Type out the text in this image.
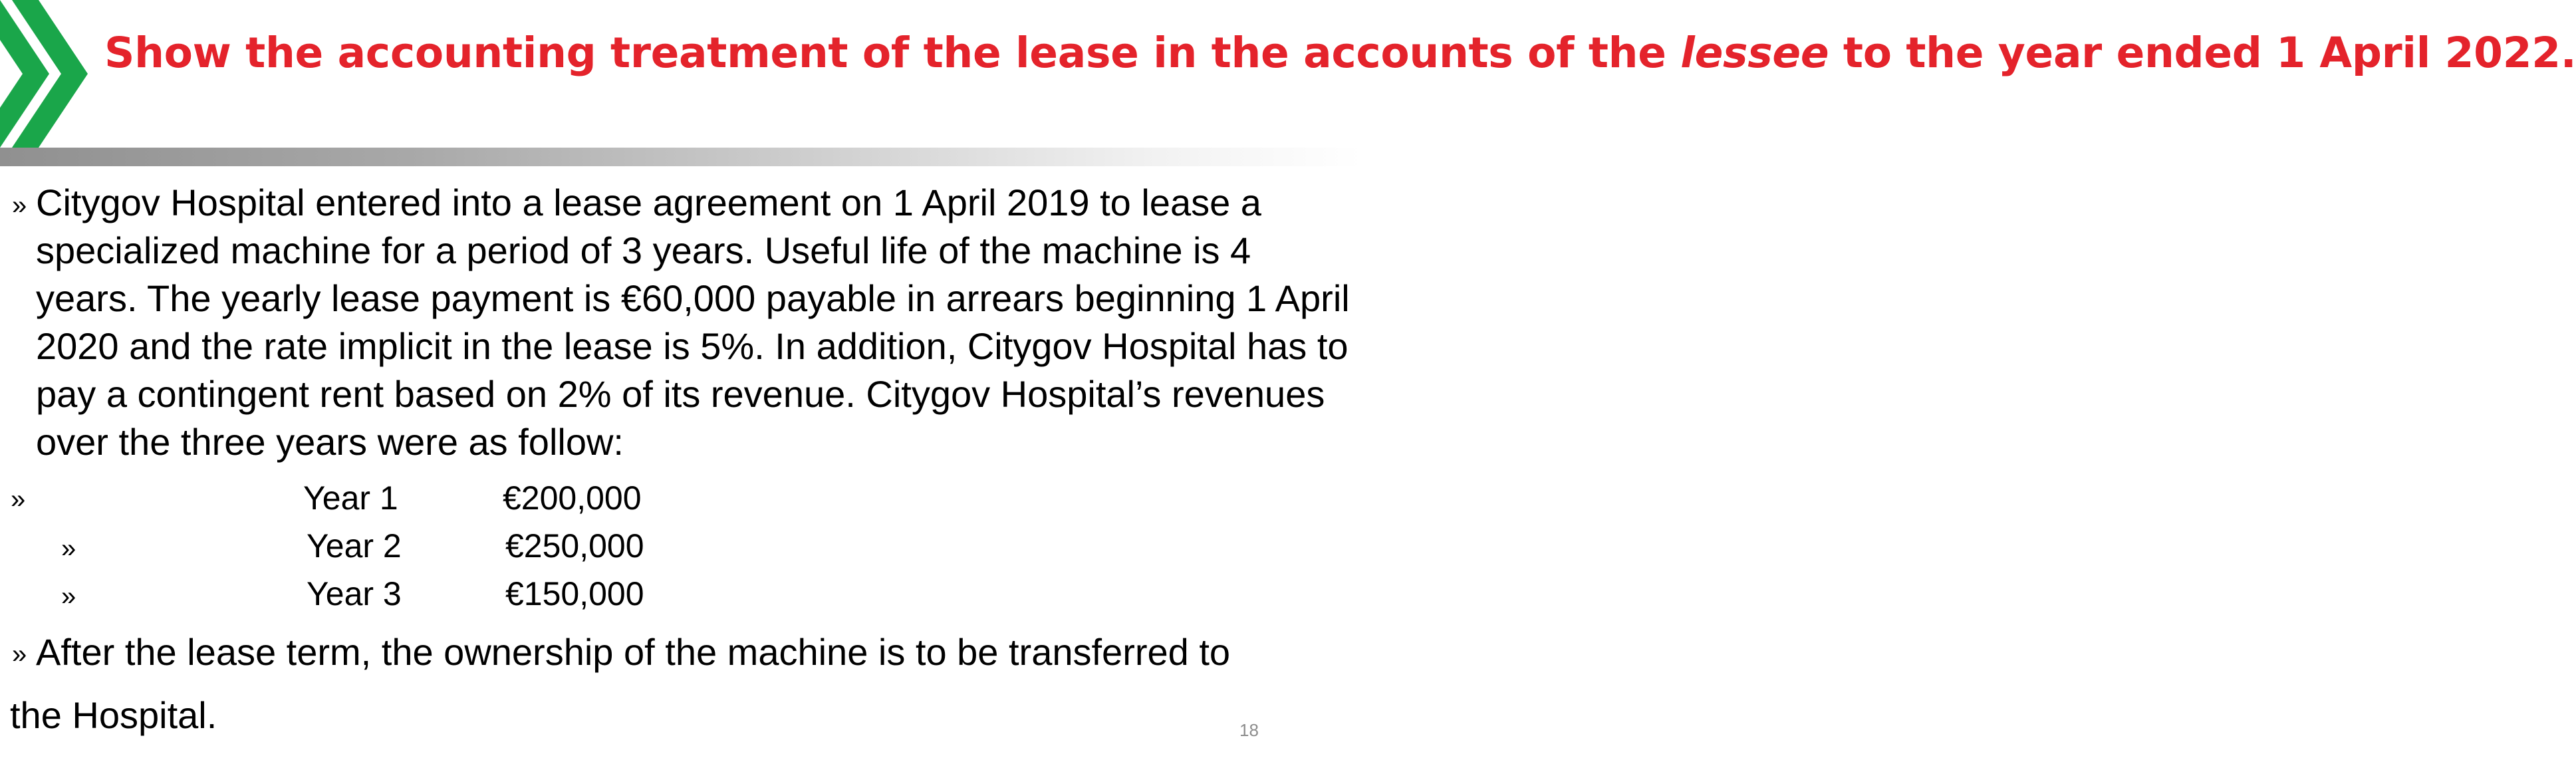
Show the accounting treatment of the lease in the accounts of the lessee to the year ended 1 April 2022.
» Citygov Hospital entered into a lease agreement on 1 April 2019 to lease a specialized machine for a period of 3 years. Useful life of the machine is 4 years. The yearly lease payment is €60,000 payable in arrears beginning 1 April 2020 and the rate implicit in the lease is 5%. In addition, Citygov Hospital has to pay a contingent rent based on 2% of its revenue. Citygov Hospital’s revenues over the three years were as follow:

»	Year 1	€200,000
»	Year 2	€250,000
»	Year 3	€150,000
» After the lease term, the ownership of the machine is to be transferred to

the Hospital.	18
